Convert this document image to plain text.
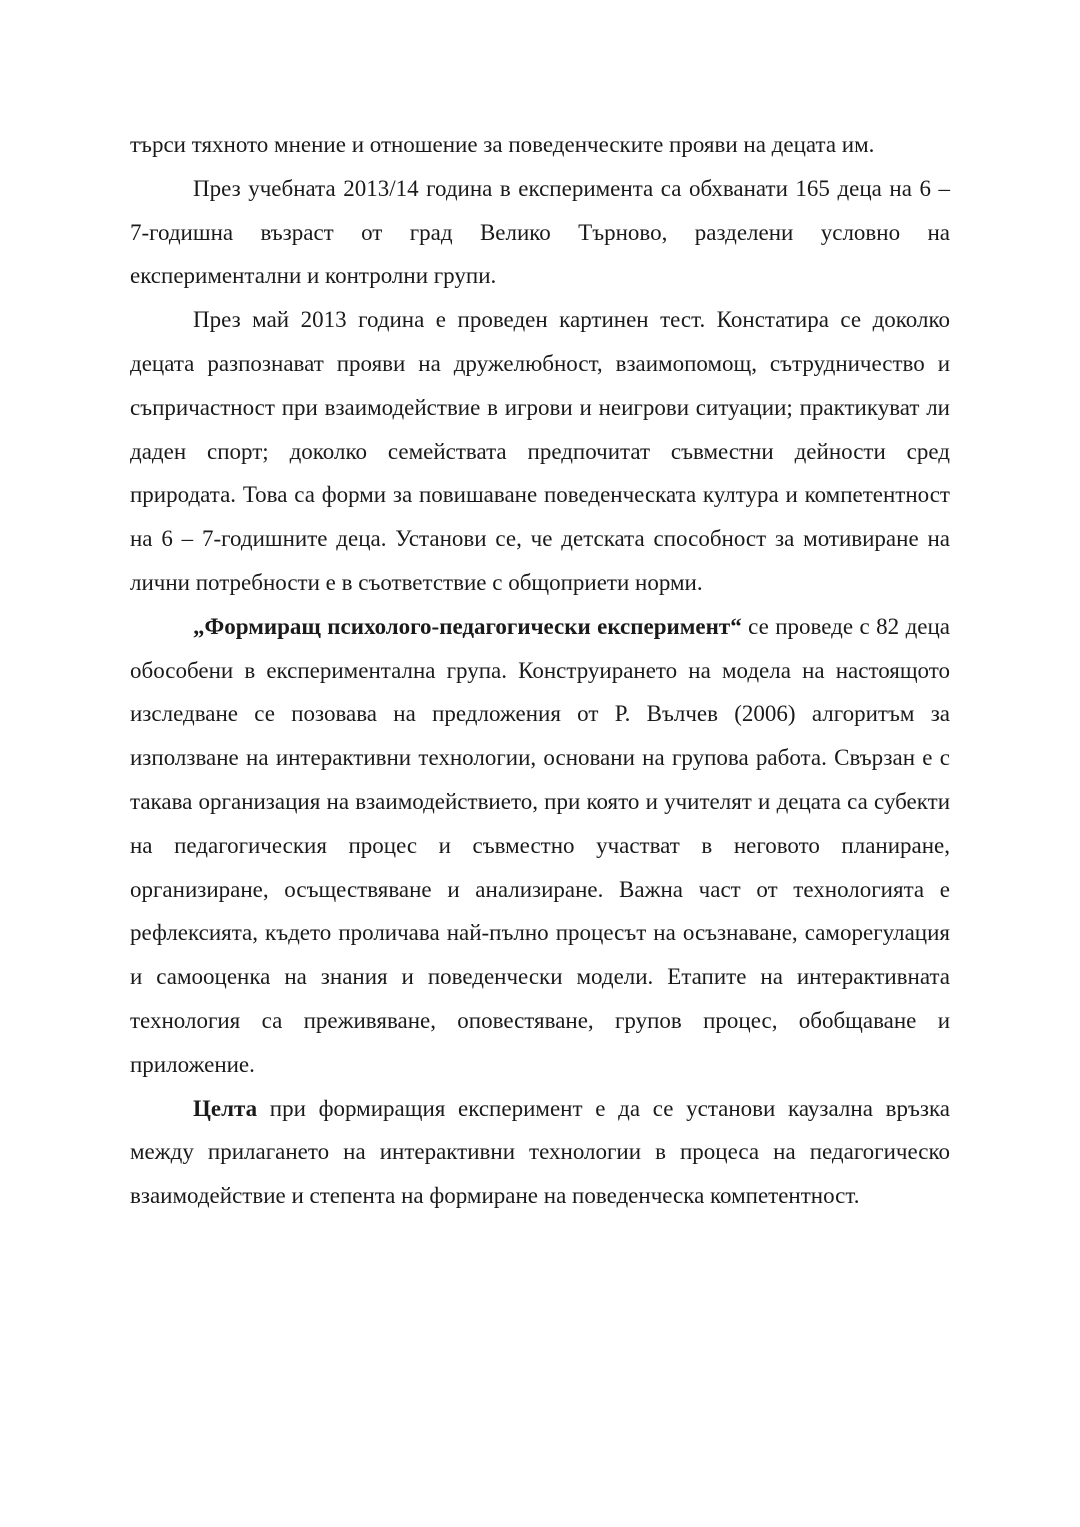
търси тяхното мнение и отношение за поведенческите прояви на децата им.

През учебната 2013/14 година в експеримента са обхванати 165 деца на 6 – 7-годишна възраст от град Велико Търново, разделени условно на експериментални и контролни групи.

През май 2013 година е проведен картинен тест. Констатира се доколко децата разпознават прояви на дружелюбност, взаимопомощ, сътрудничество и съпричастност при взаимодействие в игрови и неигрови ситуации; практикуват ли даден спорт; доколко семействата предпочитат съвместни дейности сред природата. Това са форми за повишаване поведенческата култура и компетентност на 6 – 7-годишните деца. Установи се, че детската способност за мотивиране на лични потребности е в съответствие с общоприети норми.

„Формиращ психолого-педагогически експеримент“ се проведе с 82 деца обособени в експериментална група. Конструирането на модела на настоящото изследване се позовава на предложения от Р. Вълчев (2006) алгоритъм за използване на интерактивни технологии, основани на групова работа. Свързан е с такава организация на взаимодействието, при която и учителят и децата са субекти на педагогическия процес и съвместно участват в неговото планиране, организиране, осъществяване и анализиране. Важна част от технологията е рефлексията, където проличава най-пълно процесът на осъзнаване, саморегулация и самооценка на знания и поведенчески модели. Етапите на интерактивната технология са преживяване, оповестяване, групов процес, обобщаване и приложение.

Целта при формиращия експеримент е да се установи каузална връзка между прилагането на интерактивни технологии в процеса на педагогическо взаимодействие и степента на формиране на поведенческа компетентност.
